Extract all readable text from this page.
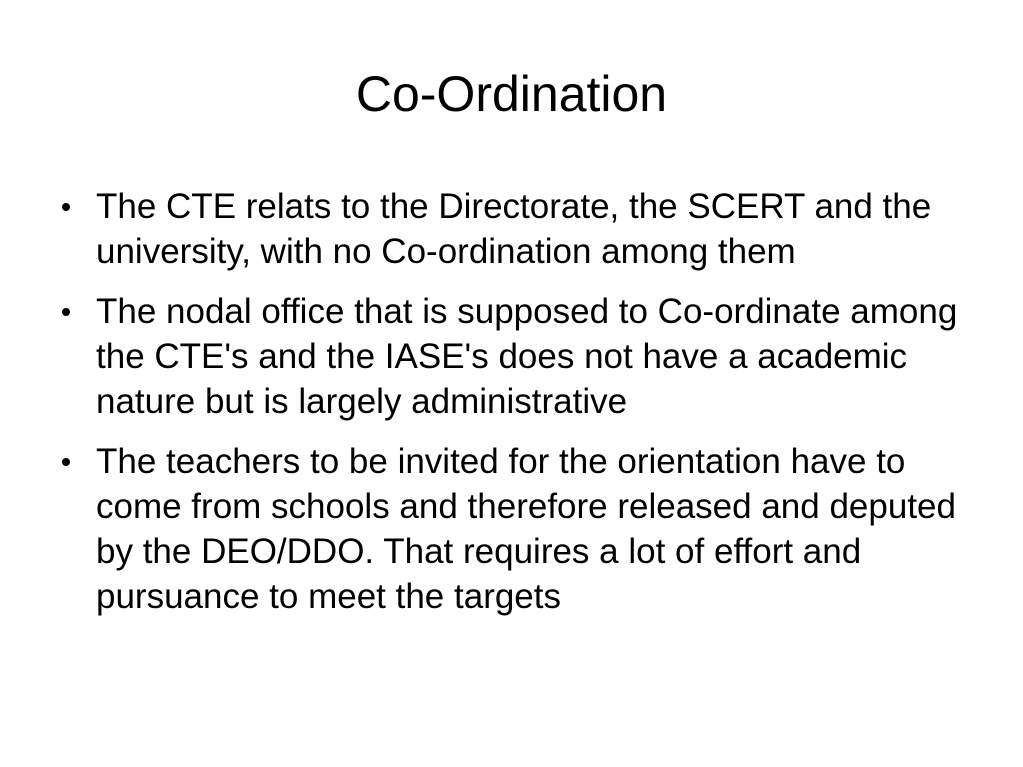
Co-Ordination
The CTE relats to the Directorate, the SCERT and the university, with no Co-ordination among them
The nodal office that is supposed to Co-ordinate among the CTE's and the IASE's does not have a academic nature but is largely administrative
The teachers to be invited for the orientation have to come from schools and therefore released and deputed by the DEO/DDO. That requires a lot of effort and pursuance to meet the targets
